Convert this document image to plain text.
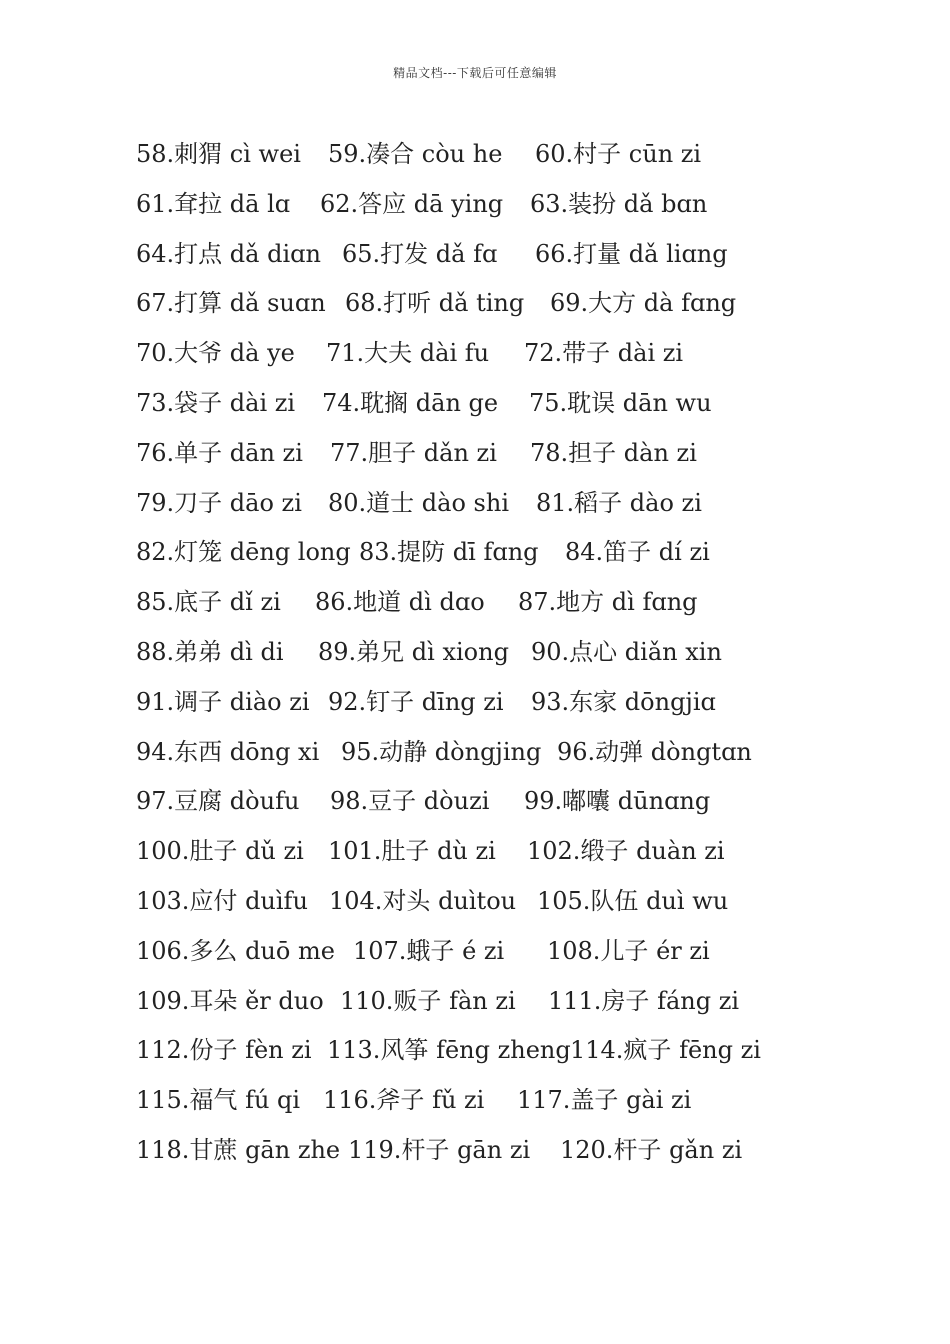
精品文档---下载后可任意编辑
58.刺猬 cì wei 59.凑合 còu he 60.村子 cūn zi
61.耷拉 dā lɑ 62.答应 dā ying 63.装扮 dǎ bɑn
64.打点 dǎ diɑn 65.打发 dǎ fɑ 66.打量 dǎ liɑng
67.打算 dǎ suɑn 68.打听 dǎ ting 69.大方 dà fɑng
70.大爷 dà ye 71.大夫 dài fu 72.带子 dài zi
73.袋子 dài zi 74.耽搁 dān ge 75.耽误 dān wu
76.单子 dān zi 77.胆子 dǎn zi 78.担子 dàn zi
79.刀子 dāo zi 80.道士 dào shi 81.稻子 dào zi
82.灯笼 dēng long 83.提防 dī fɑng 84.笛子 dí zi
85.底子 dǐ zi 86.地道 dì dɑo 87.地方 dì fɑng
88.弟弟 dì di 89.弟兄 dì xiong 90.点心 diǎn xin
91.调子 diào zi 92.钉子 dīng zi 93.东家 dōngjiɑ
94.东西 dōng xi 95.动静 dòngjing 96.动弹 dòngtɑn
97.豆腐 dòufu 98.豆子 dòuzi 99.嘟囔 dūnɑng
100.肚子 dǔ zi 101.肚子 dù zi 102.缎子 duàn zi
103.应付 duìfu 104.对头 duìtou 105.队伍 duì wu
106.多么 duō me 107.蛾子 é zi 108.儿子 ér zi
109.耳朵 ěr duo 110.贩子 fàn zi 111.房子 fáng zi
112.份子 fèn zi 113.风筝 fēng zheng 114.疯子 fēng zi
115.福气 fú qi 116.斧子 fǔ zi 117.盖子 gài zi
118.甘蔗 gān zhe 119.杆子 gān zi 120.杆子 gǎn zi
